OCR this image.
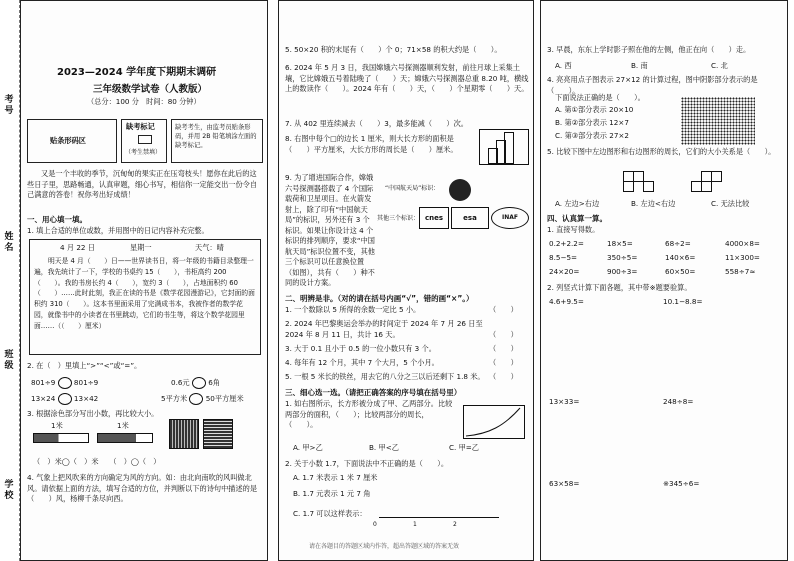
考号
姓名
班级
学校
2023—2024 学年度下期期末调研
三年级数学试卷（人教版）
（总分：100 分　时间：80 分钟）
贴条形码区
缺考标记
（考生禁填）
缺考考生，由监考员贴条形码，并用 2B 铅笔填涂左面的缺考标记。
又是一个丰收的季节，沉甸甸的果实正在压弯枝头！愿你在此后的这些日子里，思路畅通，认真审题，细心书写，相信你一定能交出一份令自己满意的答卷！祝你考出好成绩！
一、用心填一填。
1. 填上合适的单位或数，并用图中的日记内容补充完整。
4 月 22 日	星期一	天气：晴
明天是 4 月（　　）日——世界读书日，将一年级的书籍目录整理一遍，我先统计了一下，学校的书桌约 15（　　），书柜高约 200（　　）。我的书房长约 4（　　），宽约 3（　　），占地面积约 60（　　）……此时此刻，我正在读的书是《数学花园漫游记》，它封面的面积约 310（　　）。这本书里面采用了完满成书本，我被作者的数学花园，就像书中的小读者在书里跳动，它们的书生等，将这个数学花园里面……（（　　）厘米）
2. 在（　）里填上“>”“<”或“=”。
801÷9	801÷9	0.6元	6角
13×24	13×42	5平方米	50平方厘米
3. 根据涂色部分写出小数，再比较大小。
1米	1米
（　）米◯（　）米　　（　）◯（　）
4. 气象上把风吹来的方向确定为风的方向。如：由北向南吹的风叫做北风。请依据上面的方法，填写合适的方位，并判断以下的诗句中描述的是（　　）风，杨柳千条尽向西。
5. 50×20 积的末尾有（　　）个 0；71×58 的积大约是（　　）。
6. 2024 年 5 月 3 日，我国嫦娥六号探测器顺利发射，前往月球上采集土壤，它比嫦娥五号着陆晚了（　　）天；嫦娥六号探测器总重 8.20 吨，横线上的数读作（　　）。2024 年有（　　）天，（　　）个星期零（　　）天。
7. 从 402 里连续减去（　　）3，最多能减（　　）次。
8. 右图中每个□的边长 1 厘米，则大长方形的面积是（　　）平方厘米，大长方形的周长是（　　）厘米。
9. 为了增进国际合作，嫦娥六号探测器搭载了 4 个国际载荷和卫星项目。在火箭发射上，除了印有“中国航天局”的标识，另外还有 3 个标识。如果让你设计这 4 个标识的排列顺序，要求“中国航天局”标识位置不变，其他三个标识可以任意换位置（如图），共有（　　）种不同的设计方案。
“中国航天局”标识：
其他三个标识： cnes	esa	INAF
二、明辨是非。（对的请在括号内画“√”，错的画“×”。）
1. 一个数除以 5 所得的余数一定比 5 小。	（　　）
2. 2024 年巴黎奥运会举办的时间定于 2024 年 7 月 26 日至 2024 年 8 月 11 日，共计 16 天。	（　　）
3. 大于 0.1 且小于 0.5 的一位小数只有 3 个。	（　　）
4. 每年有 12 个月，其中 7 个大月，5 个小月。	（　　）
5. 一根 5 米长的铁丝，用去它的八分之三以后还剩下 1.8 米。 （　　）
三、细心选一选。（请把正确答案的序号填在括号里）
1. 如右图所示，长方形被分成了甲、乙两部分。比较两部分的面积，（　　）；比较两部分的周长，（　　）。
A. 甲>乙	B. 甲<乙	C. 甲=乙
2. 关于小数 1.7，下面说法中不正确的是（　　）。
A. 1.7 米表示 1 米 7 厘米
B. 1.7 元表示 1 元 7 角
C. 1.7 可以这样表示：
0	1	2
请在各题目的答题区域内作答，超出答题区域的答案无效
3. 早晨，东东上学时影子照在他的左侧，他正在向（　　）走。
A. 西	B. 南	C. 北
4. 亮亮用点子图表示 27×12 的计算过程，图中阴影部分表示的是（　　）。
下面说法正确的是（　　）。
A. 第①部分表示 20×10
B. 第②部分表示 12×7
C. 第③部分表示 27×2
5. 比较下图中左边图形和右边图形的周长，它们的大小关系是（　　）。
A. 左边>右边	B. 左边<右边	C. 无法比较
四、认真算一算。
1. 直接写得数。
0.2+2.2=	18×5=	68÷2=	4000×8=
8.5−5=	350÷5=	140×6=	11×300=
24×20=	900÷3=	60×50=	558÷7≈
2. 列竖式计算下面各题，其中带※题要验算。
4.6+9.5=	10.1−8.8=
13×33=	248÷8=
63×58=	※345÷6=
